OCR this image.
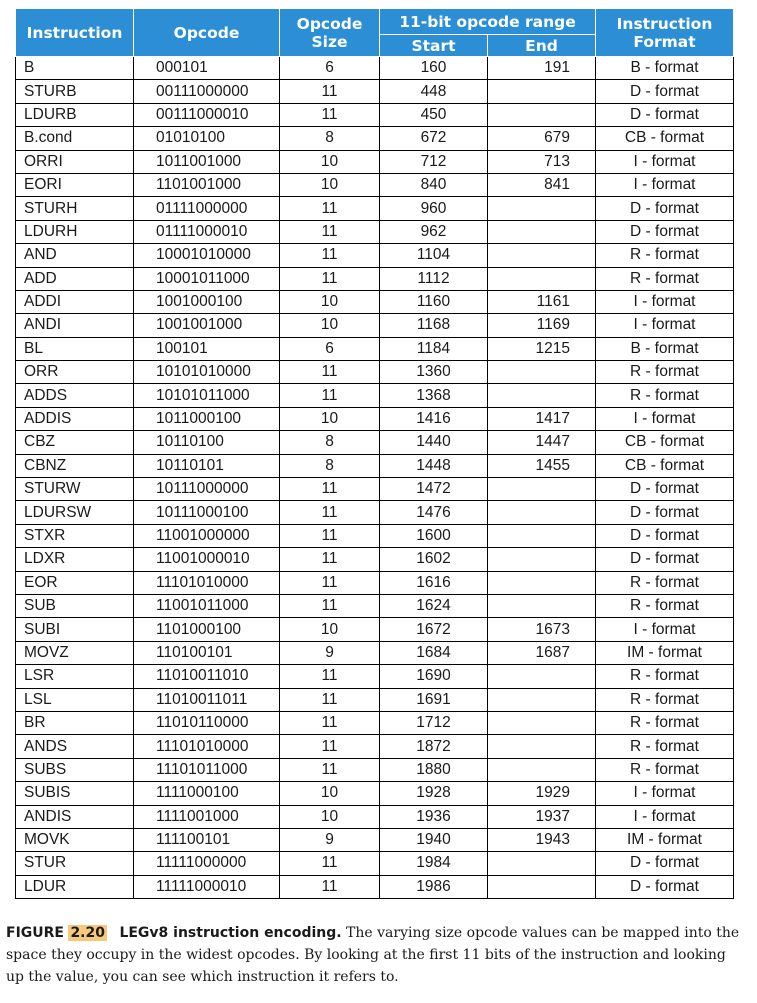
Instruction	Opcode	Opcode Size	11-bit opcode range		Instruction Format
			Start	End	
B	000101	6	160	191	B - format
STURB	00111000000	11	448		D - format
LDURB	00111000010	11	450		D - format
B.cond	01010100	8	672	679	CB - format
ORRI	1011001000	10	712	713	I - format
EORI	1101001000	10	840	841	I - format
STURH	01111000000	11	960		D - format
LDURH	01111000010	11	962		D - format
AND	10001010000	11	1104		R - format
ADD	10001011000	11	1112		R - format
ADDI	1001000100	10	1160	1161	I - format
ANDI	1001001000	10	1168	1169	I - format
BL	100101	6	1184	1215	B - format
ORR	10101010000	11	1360		R - format
ADDS	10101011000	11	1368		R - format
ADDIS	1011000100	10	1416	1417	I - format
CBZ	10110100	8	1440	1447	CB - format
CBNZ	10110101	8	1448	1455	CB - format
STURW	10111000000	11	1472		D - format
LDURSW	10111000100	11	1476		D - format
STXR	11001000000	11	1600		D - format
LDXR	11001000010	11	1602		D - format
EOR	11101010000	11	1616		R - format
SUB	11001011000	11	1624		R - format
SUBI	1101000100	10	1672	1673	I - format
MOVZ	110100101	9	1684	1687	IM - format
LSR	11010011010	11	1690		R - format
LSL	11010011011	11	1691		R - format
BR	11010110000	11	1712		R - format
ANDS	11101010000	11	1872		R - format
SUBS	11101011000	11	1880		R - format
SUBIS	1111000100	10	1928	1929	I - format
ANDIS	1111001000	10	1936	1937	I - format
MOVK	111100101	9	1940	1943	IM - format
STUR	11111000000	11	1984		D - format
LDUR	11111000010	11	1986		D - format
FIGURE 2.20 LEGv8 instruction encoding. The varying size opcode values can be mapped into the space they occupy in the widest opcodes. By looking at the first 11 bits of the instruction and looking up the value, you can see which instruction it refers to.
